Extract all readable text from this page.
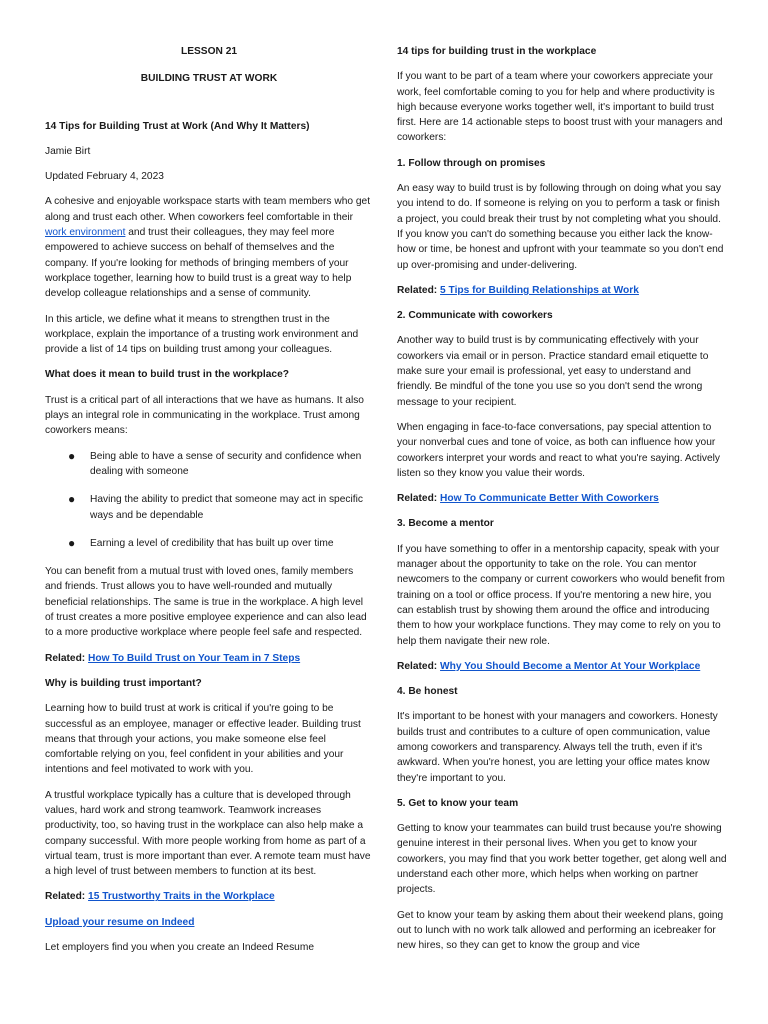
LESSON 21

BUILDING TRUST AT WORK

14 Tips for Building Trust at Work (And Why It Matters)

Jamie Birt

Updated February 4, 2023

A cohesive and enjoyable workspace starts with team members who get along and trust each other. When coworkers feel comfortable in their work environment and trust their colleagues, they may feel more empowered to achieve success on behalf of themselves and the company. If you're looking for methods of bringing members of your workplace together, learning how to build trust is a great way to help develop colleague relationships and a sense of community.

In this article, we define what it means to strengthen trust in the workplace, explain the importance of a trusting work environment and provide a list of 14 tips on building trust among your colleagues.

What does it mean to build trust in the workplace?

Trust is a critical part of all interactions that we have as humans. It also plays an integral role in communicating in the workplace. Trust among coworkers means:

● Being able to have a sense of security and confidence when dealing with someone
● Having the ability to predict that someone may act in specific ways and be dependable
● Earning a level of credibility that has built up over time

You can benefit from a mutual trust with loved ones, family members and friends. Trust allows you to have well-rounded and mutually beneficial relationships. The same is true in the workplace. A high level of trust creates a more positive employee experience and can also lead to a more productive workplace where people feel safe and respected.

Related: How To Build Trust on Your Team in 7 Steps

Why is building trust important?

Learning how to build trust at work is critical if you're going to be successful as an employee, manager or effective leader. Building trust means that through your actions, you make someone else feel comfortable relying on you, feel confident in your abilities and your intentions and feel motivated to work with you.

A trustful workplace typically has a culture that is developed through values, hard work and strong teamwork. Teamwork increases productivity, too, so having trust in the workplace can also help make a company successful. With more people working from home as part of a virtual team, trust is more important than ever. A remote team must have a high level of trust between members to function at its best.

Related: 15 Trustworthy Traits in the Workplace

Upload your resume on Indeed

Let employers find you when you create an Indeed Resume

14 tips for building trust in the workplace

If you want to be part of a team where your coworkers appreciate your work, feel comfortable coming to you for help and where productivity is high because everyone works together well, it's important to build trust first. Here are 14 actionable steps to boost trust with your managers and coworkers:

1. Follow through on promises

An easy way to build trust is by following through on doing what you say you intend to do. If someone is relying on you to perform a task or finish a project, you could break their trust by not completing what you should. If you know you can't do something because you either lack the know-how or time, be honest and upfront with your teammate so you don't end up over-promising and under-delivering.

Related: 5 Tips for Building Relationships at Work

2. Communicate with coworkers

Another way to build trust is by communicating effectively with your coworkers via email or in person. Practice standard email etiquette to make sure your email is professional, yet easy to understand and friendly. Be mindful of the tone you use so you don't send the wrong message to your recipient.

When engaging in face-to-face conversations, pay special attention to your nonverbal cues and tone of voice, as both can influence how your coworkers interpret your words and react to what you're saying. Actively listen so they know you value their words.

Related: How To Communicate Better With Coworkers

3. Become a mentor

If you have something to offer in a mentorship capacity, speak with your manager about the opportunity to take on the role. You can mentor newcomers to the company or current coworkers who would benefit from training on a tool or office process. If you're mentoring a new hire, you can establish trust by showing them around the office and introducing them to how your workplace functions. They may come to rely on you to help them navigate their new role.

Related: Why You Should Become a Mentor At Your Workplace

4. Be honest

It's important to be honest with your managers and coworkers. Honesty builds trust and contributes to a culture of open communication, value among coworkers and transparency. Always tell the truth, even if it's awkward. When you're honest, you are letting your office mates know they're important to you.

5. Get to know your team

Getting to know your teammates can build trust because you're showing genuine interest in their personal lives. When you get to know your coworkers, you may find that you work better together, get along well and understand each other more, which helps when working on partner projects.

Get to know your team by asking them about their weekend plans, going out to lunch with no work talk allowed and performing an icebreaker for new hires, so they can get to know the group and vice
